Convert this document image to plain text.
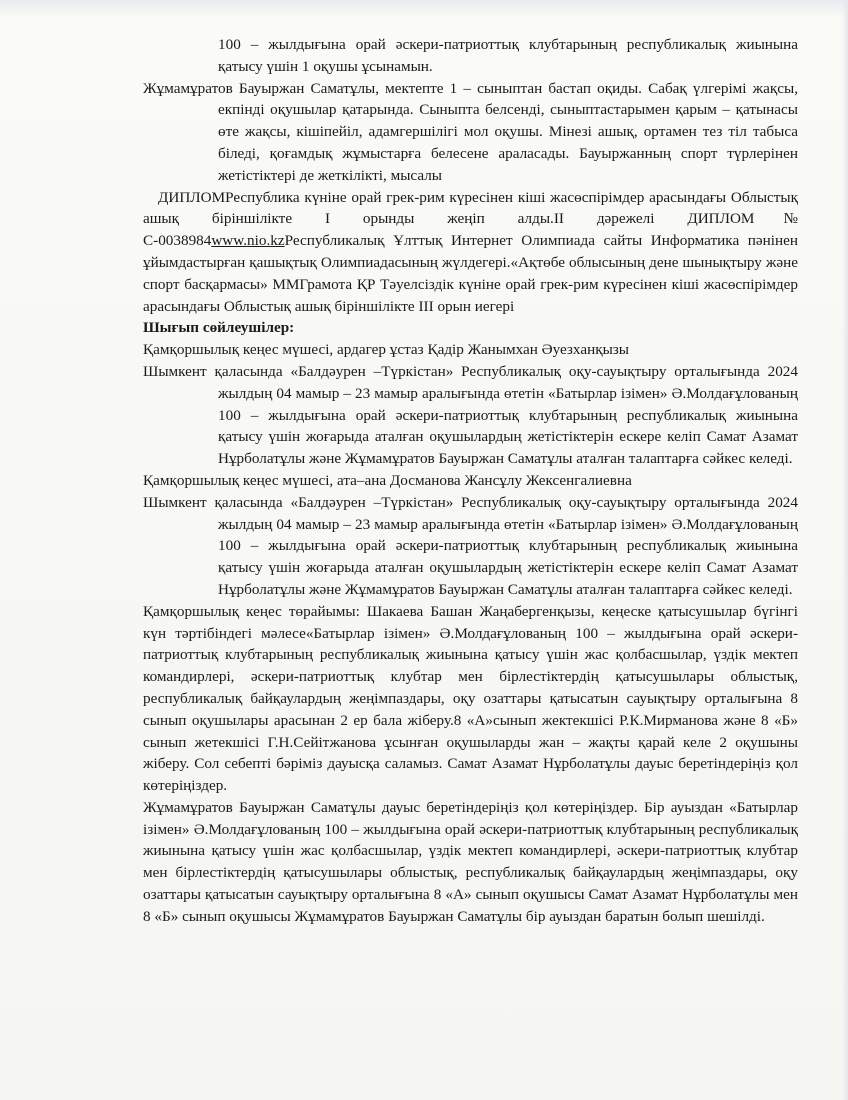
100 – жылдығына орай әскери-патриоттық клубтарының республикалық жиынына қатысу үшін 1 оқушы ұсынамын.

Жұмамұратов Бауыржан Саматұлы, мектепте 1 – сыныптан бастап оқиды. Сабақ үлгерімі жақсы, екпінді оқушылар қатарында. Сыныпта белсенді, сыныптастарымен қарым – қатынасы өте жақсы, кішіпейіл, адамгершілігі мол оқушы. Мінезі ашық, ортамен тез тіл табыса біледі, қоғамдық жұмыстарға белесене араласады. Бауыржанның спорт түрлерінен жетістіктері де жеткілікті, мысалы

ДИПЛОМРеспублика күніне орай грек-рим күресінен кіші жасөспірімдер арасындағы Облыстық ашық біріншілікте І орынды жеңіп алды.ІІ дәрежелі ДИПЛОМ№ С-0038984www.nio.kzРеспубликалық Ұлттық Интернет Олимпиада сайты Информатика пәнінен ұйымдастырған қашықтық Олимпиадасының жүлдегері.«Ақтөбе облысының дене шынықтыру және спорт басқармасы» ММГрамота ҚР Тәуелсіздік күніне орай грек-рим күресінен кіші жасөспірімдер арасындағы Облыстық ашық біріншілікте ІІІ орын иегері

Шығып сөйлеушілер:

Қамқоршылық кеңес мүшесі, ардагер ұстаз Қадір Жанымхан Әуезханқызы

Шымкент қаласында «Балдәурен –Түркістан» Республикалық оқу-сауықтыру орталығында 2024 жылдың 04 мамыр – 23 мамыр аралығында өтетін «Батырлар ізімен» Ә.Молдағұлованың 100 – жылдығына орай әскери-патриоттық клубтарының республикалық жиынына қатысу үшін жоғарыда аталған оқушылардың жетістіктерін ескере келіп Самат Азамат Нұрболатұлы және Жұмамұратов Бауыржан Саматұлы аталған талаптарға сәйкес келеді.

Қамқоршылық кеңес мүшесі, ата–ана Досманова Жансұлу Жексенгалиевна

Шымкент қаласында «Балдәурен –Түркістан» Республикалық оқу-сауықтыру орталығында 2024 жылдың 04 мамыр – 23 мамыр аралығында өтетін «Батырлар ізімен» Ә.Молдағұлованың 100 – жылдығына орай әскери-патриоттық клубтарының республикалық жиынына қатысу үшін жоғарыда аталған оқушылардың жетістіктерін ескере келіп Самат Азамат Нұрболатұлы және Жұмамұратов Бауыржан Саматұлы аталған талаптарға сәйкес келеді.

Қамқоршылық кеңес төрайымы: Шакаева Башан Жаңабергенқызы, кеңеске қатысушылар бүгінгі күн тәртібіндегі мәлесе«Батырлар ізімен» Ә.Молдағұлованың 100 – жылдығына орай әскери-патриоттық клубтарының республикалық жиынына қатысу үшін жас қолбасшылар, үздік мектеп командирлері, әскери-патриоттық клубтар мен бірлестіктердің қатысушылары облыстық, республикалық байқаулардың жеңімпаздары, оқу озаттары қатысатын сауықтыру орталығына 8 сынып оқушылары арасынан 2 ер бала жіберу.8 «А»сынып жектекшісі Р.К.Мирманова және 8 «Б» сынып жетекшісі Г.Н.Сейітжанова ұсынған оқушыларды жан – жақты қарай келе 2 оқушыны жіберу. Сол себепті бәріміз дауысқа саламыз. Самат Азамат Нұрболатұлы дауыс беретіндеріңіз қол көтеріңіздер.

Жұмамұратов Бауыржан Саматұлы дауыс беретіндеріңіз қол көтеріңіздер. Бір ауыздан «Батырлар ізімен» Ә.Молдағұлованың 100 – жылдығына орай әскери-патриоттық клубтарының республикалық жиынына қатысу үшін жас қолбасшылар, үздік мектеп командирлері, әскери-патриоттық клубтар мен бірлестіктердің қатысушылары облыстық, республикалық байқаулардың жеңімпаздары, оқу озаттары қатысатын сауықтыру орталығына 8 «А» сынып оқушысы Самат Азамат Нұрболатұлы мен 8 «Б» сынып оқушысы Жұмамұратов Бауыржан Саматұлы бір ауыздан баратын болып шешілді.
